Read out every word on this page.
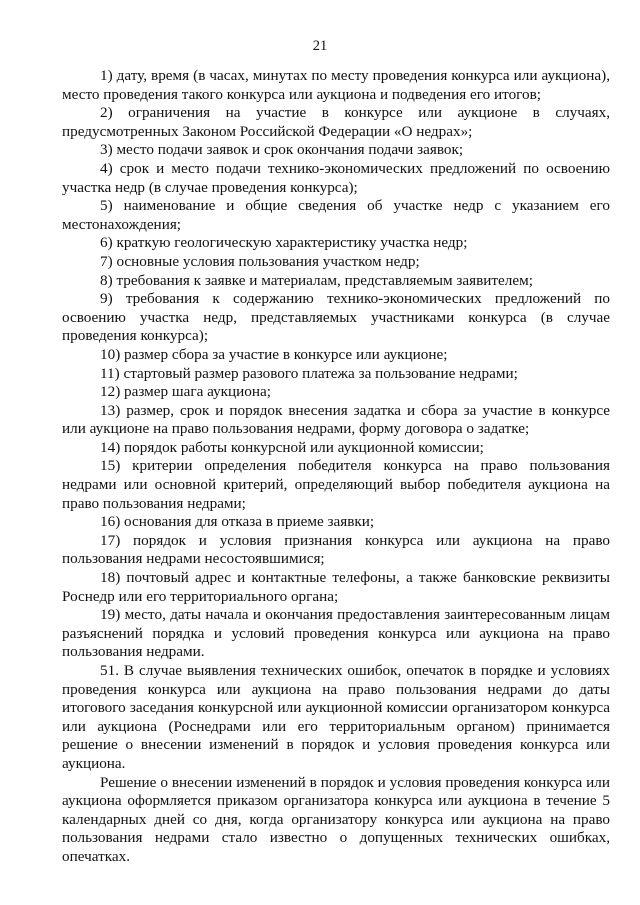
21

1) дату, время (в часах, минутах по месту проведения конкурса или аукциона), место проведения такого конкурса или аукциона и подведения его итогов;

2) ограничения на участие в конкурсе или аукционе в случаях, предусмотренных Законом Российской Федерации «О недрах»;

3) место подачи заявок и срок окончания подачи заявок;

4) срок и место подачи технико-экономических предложений по освоению участка недр (в случае проведения конкурса);

5) наименование и общие сведения об участке недр с указанием его местонахождения;

6) краткую геологическую характеристику участка недр;

7) основные условия пользования участком недр;

8) требования к заявке и материалам, представляемым заявителем;

9) требования к содержанию технико-экономических предложений по освоению участка недр, представляемых участниками конкурса (в случае проведения конкурса);

10) размер сбора за участие в конкурсе или аукционе;

11) стартовый размер разового платежа за пользование недрами;

12) размер шага аукциона;

13) размер, срок и порядок внесения задатка и сбора за участие в конкурсе или аукционе на право пользования недрами, форму договора о задатке;

14) порядок работы конкурсной или аукционной комиссии;

15) критерии определения победителя конкурса на право пользования недрами или основной критерий, определяющий выбор победителя аукциона на право пользования недрами;

16) основания для отказа в приеме заявки;

17) порядок и условия признания конкурса или аукциона на право пользования недрами несостоявшимися;

18) почтовый адрес и контактные телефоны, а также банковские реквизиты Роснедр или его территориального органа;

19) место, даты начала и окончания предоставления заинтересованным лицам разъяснений порядка и условий проведения конкурса или аукциона на право пользования недрами.

51. В случае выявления технических ошибок, опечаток в порядке и условиях проведения конкурса или аукциона на право пользования недрами до даты итогового заседания конкурсной или аукционной комиссии организатором конкурса или аукциона (Роснедрами или его территориальным органом) принимается решение о внесении изменений в порядок и условия проведения конкурса или аукциона.

Решение о внесении изменений в порядок и условия проведения конкурса или аукциона оформляется приказом организатора конкурса или аукциона в течение 5 календарных дней со дня, когда организатору конкурса или аукциона на право пользования недрами стало известно о допущенных технических ошибках, опечатках.
